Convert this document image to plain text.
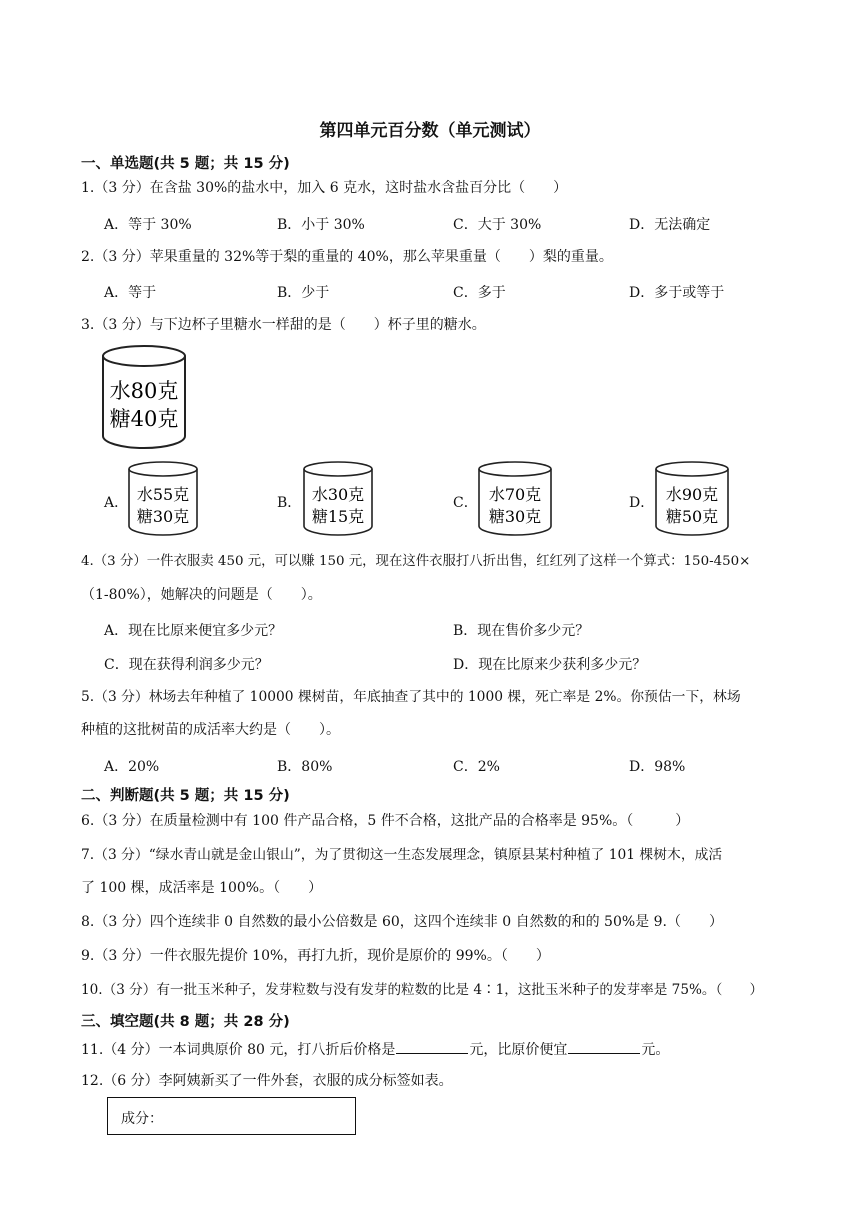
第四单元百分数（单元测试）
一、单选题(共 5 题；共 15 分)
1.（3 分）在含盐 30%的盐水中，加入 6 克水，这时盐水含盐百分比（　　）
A．等于 30%	B．小于 30%	C．大于 30%	D．无法确定
2.（3 分）苹果重量的 32%等于梨的重量的 40%，那么苹果重量（　　）梨的重量。
A．等于	B．少于	C．多于	D．多于或等于
3.（3 分）与下边杯子里糖水一样甜的是（　　）杯子里的糖水。
水80克
糖40克
A． 水55克
糖30克
B． 水30克
糖15克
C． 水70克
糖30克
D． 水90克
糖50克
4.（3 分）一件衣服卖 450 元，可以赚 150 元，现在这件衣服打八折出售，红红列了这样一个算式：150-450×
（1-80%），她解决的问题是（　　）。
A．现在比原来便宜多少元？	B．现在售价多少元？
C．现在获得利润多少元？	D．现在比原来少获利多少元？
5.（3 分）林场去年种植了 10000 棵树苗，年底抽查了其中的 1000 棵，死亡率是 2%。你预估一下，林场
种植的这批树苗的成活率大约是（　　）。
A．20%	B．80%	C．2%	D．98%
二、判断题(共 5 题；共 15 分)
6.（3 分）在质量检测中有 100 件产品合格，5 件不合格，这批产品的合格率是 95%。（　　　）
7.（3 分）“绿水青山就是金山银山”，为了贯彻这一生态发展理念，镇原县某村种植了 101 棵树木，成活
了 100 棵，成活率是 100%。（　　）
8.（3 分）四个连续非 0 自然数的最小公倍数是 60，这四个连续非 0 自然数的和的 50%是 9.（　　）
9.（3 分）一件衣服先提价 10%，再打九折，现价是原价的 99%。（　　）
10.（3 分）有一批玉米种子，发芽粒数与没有发芽的粒数的比是 4∶1，这批玉米种子的发芽率是 75%。（　　）
三、填空题(共 8 题；共 28 分)
11.（4 分）一本词典原价 80 元，打八折后价格是	元，比原价便宜	元。
12.（6 分）李阿姨新买了一件外套，衣服的成分标签如表。
成分：
